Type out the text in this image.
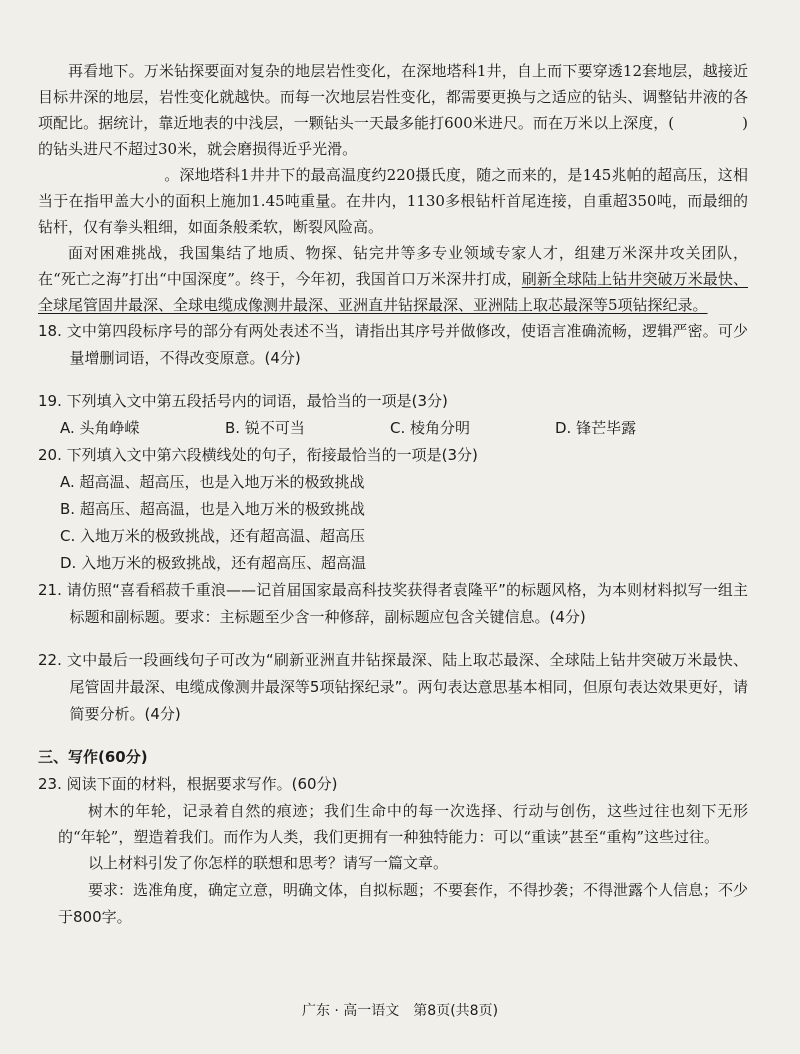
再看地下。万米钻探要面对复杂的地层岩性变化，在深地塔科1井，自上而下要穿透12套地层，越接近目标井深的地层，岩性变化就越快。而每一次地层岩性变化，都需要更换与之适应的钻头、调整钻井液的各项配比。据统计，靠近地表的中浅层，一颗钻头一天最多能打600米进尺。而在万米以上深度，(	)的钻头进尺不超过30米，就会磨损得近乎光滑。

。深地塔科1井井下的最高温度约220摄氏度，随之而来的，是145兆帕的超高压，这相当于在指甲盖大小的面积上施加1.45吨重量。在井内，1130多根钻杆首尾连接，自重超350吨，而最细的钻杆，仅有拳头粗细，如面条般柔软，断裂风险高。

面对困难挑战，我国集结了地质、物探、钻完井等多专业领域专家人才，组建万米深井攻关团队，在“死亡之海”打出“中国深度”。终于，今年初，我国首口万米深井打成，刷新全球陆上钻井突破万米最快、全球尾管固井最深、全球电缆成像测井最深、亚洲直井钻探最深、亚洲陆上取芯最深等5项钻探纪录。

18. 文中第四段标序号的部分有两处表述不当，请指出其序号并做修改，使语言准确流畅，逻辑严密。可少量增删词语，不得改变原意。(4分)

19. 下列填入文中第五段括号内的词语，最恰当的一项是(3分)

A. 头角峥嵘	B. 锐不可当	C. 棱角分明	D. 锋芒毕露

20. 下列填入文中第六段横线处的句子，衔接最恰当的一项是(3分)

A. 超高温、超高压，也是入地万米的极致挑战

B. 超高压、超高温，也是入地万米的极致挑战

C. 入地万米的极致挑战，还有超高温、超高压

D. 入地万米的极致挑战，还有超高压、超高温

21. 请仿照“喜看稻菽千重浪——记首届国家最高科技奖获得者袁隆平”的标题风格，为本则材料拟写一组主标题和副标题。要求：主标题至少含一种修辞，副标题应包含关键信息。(4分)

22. 文中最后一段画线句子可改为“刷新亚洲直井钻探最深、陆上取芯最深、全球陆上钻井突破万米最快、尾管固井最深、电缆成像测井最深等5项钻探纪录”。两句表达意思基本相同，但原句表达效果更好，请简要分析。(4分)

三、写作(60分)

23. 阅读下面的材料，根据要求写作。(60分)

树木的年轮，记录着自然的痕迹；我们生命中的每一次选择、行动与创伤，这些过往也刻下无形的“年轮”，塑造着我们。而作为人类，我们更拥有一种独特能力：可以“重读”甚至“重构”这些过往。

以上材料引发了你怎样的联想和思考？请写一篇文章。

要求：选准角度，确定立意，明确文体，自拟标题；不要套作，不得抄袭；不得泄露个人信息；不少于800字。

广东 · 高一语文　第8页(共8页)
